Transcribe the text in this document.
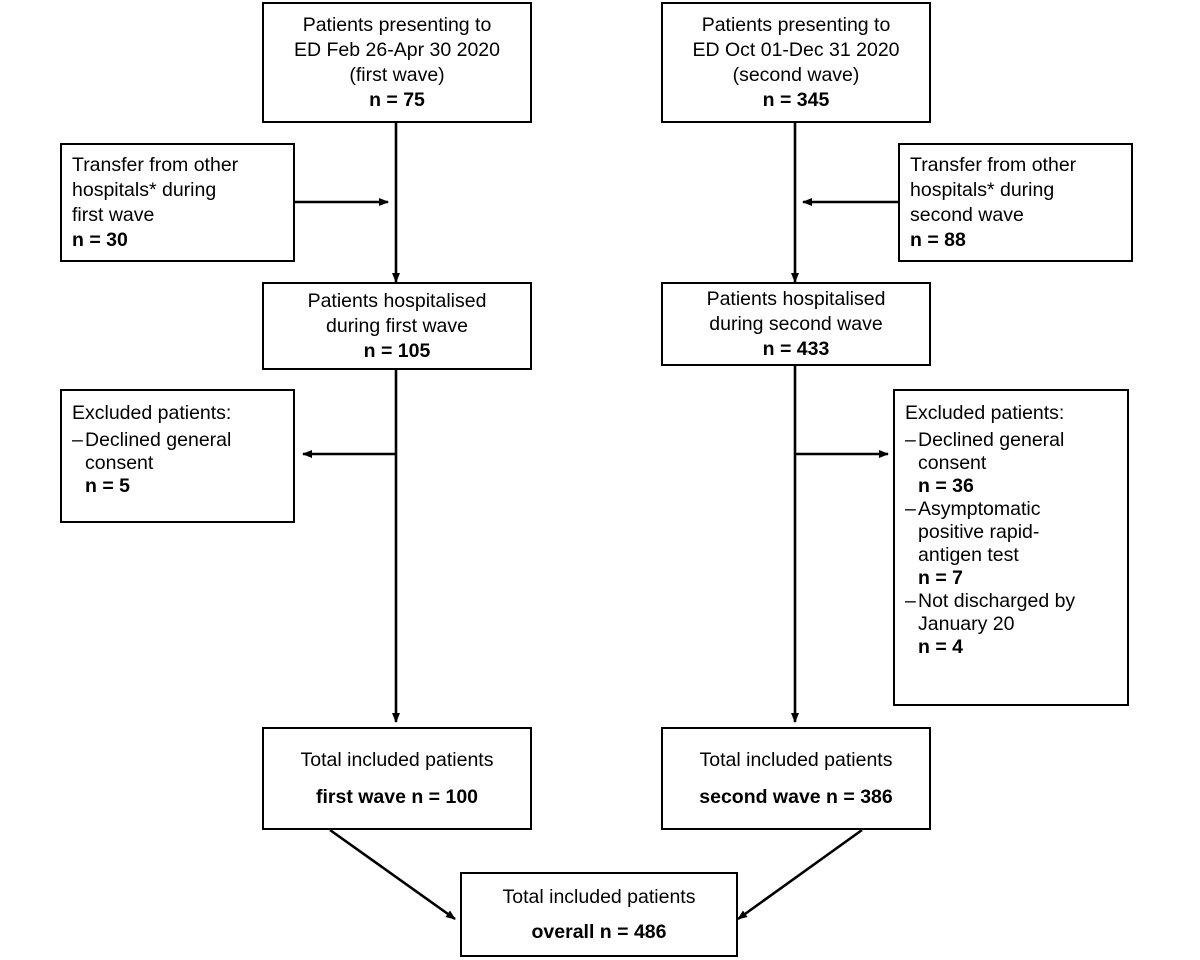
Patients presenting to
ED Feb 26-Apr 30 2020
(first wave)
n = 75
Patients presenting to
ED Oct 01-Dec 31 2020
(second wave)
n = 345
Transfer from other
hospitals* during
first wave
n = 30
Transfer from other
hospitals* during
second wave
n = 88
Patients hospitalised
during first wave
n = 105
Patients hospitalised
during second wave
n = 433
Excluded patients:
– Declined general
consent
n = 5
Excluded patients:
– Declined general
consent
n = 36
– Asymptomatic
positive rapid-
antigen test
n = 7
– Not discharged by
January 20
n = 4
Total included patients
first wave n = 100
Total included patients
second wave n = 386
Total included patients
overall n = 486
